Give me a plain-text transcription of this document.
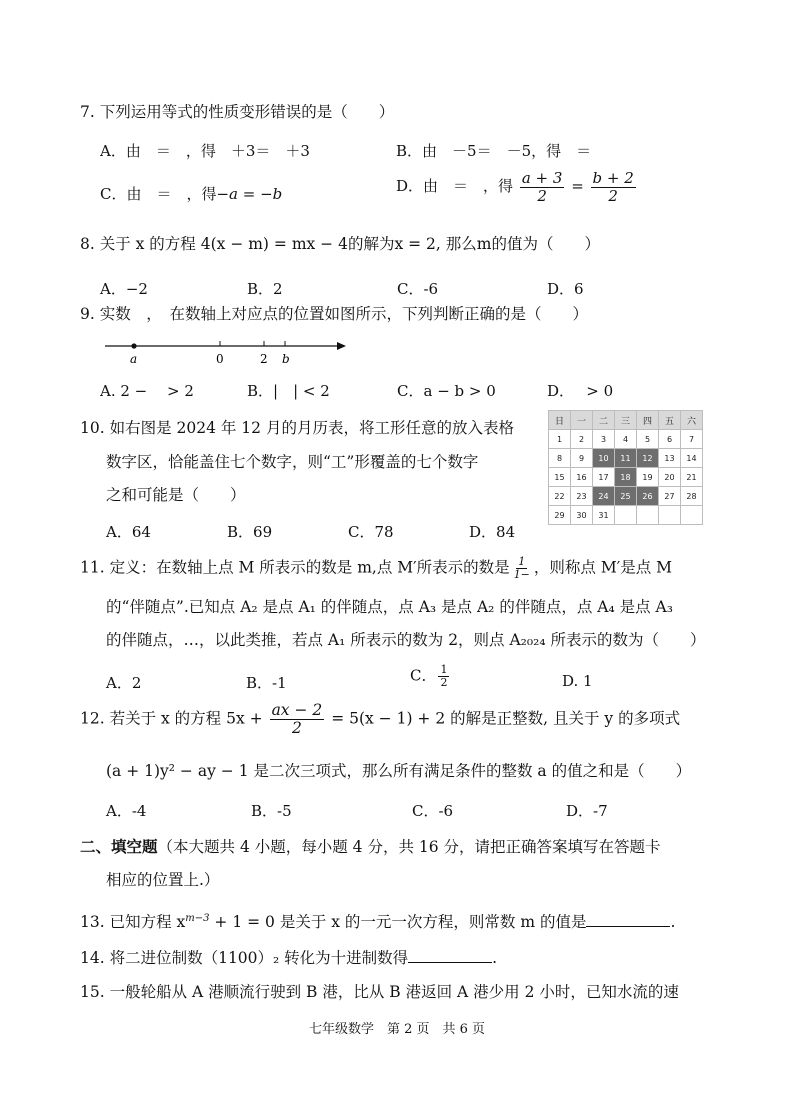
7. 下列运用等式的性质变形错误的是（　　）
A．由　＝　，得　＋3＝　＋3	B．由　－5＝　－5，得　＝
C．由　＝　，得−a = −b	D．由　＝　，得 $\frac{a + 3}{2} = \frac{b + 2}{2}$
8. 关于 x 的方程 4(x − m) = mx − 4的解为x = 2, 那么m的值为（　　）
A．−2	B．2	C．-6	D．6
9. 实数　，　在数轴上对应点的位置如图所示，下列判断正确的是（　　）
a	0	2 b
A. 2 −　 > 2	B．|　| < 2	C．a − b > 0	D．　 > 0
10. 如右图是 2024 年 12 月的月历表，将工形任意的放入表格
数字区，恰能盖住七个数字，则“工”形覆盖的七个数字
之和可能是（　　）
A．64	B．69	C．78	D．84
日	一	二	三	四	五	六
1	2	3	4	5	6	7
8	9	10	11	12	13	14
15	16	17	18	19	20	21
22	23	24	25	26	27	28
29	30	31				
11. 定义：在数轴上点 M 所表示的数是 m,点 M′所表示的数是 $\frac{1}{1-}$ ，则称点 M′是点 M
的“伴随点”.已知点 A₂ 是点 A₁ 的伴随点，点 A₃ 是点 A₂ 的伴随点，点 A₄ 是点 A₃
的伴随点，…，以此类推，若点 A₁ 所表示的数为 2，则点 A₂₀₂₄ 所表示的数为（　　）
A．2	B．-1	C． $\frac{1}{2}$	D. 1
12. 若关于 x 的方程 $5x + \frac{ax - 2}{2} = 5(x - 1) + 2$ 的解是正整数, 且关于 y 的多项式
(a + 1)y² − ay − 1 是二次三项式，那么所有满足条件的整数 a 的值之和是（　　）
A．-4	B．-5	C．-6	D．-7
二、填空题（本大题共 4 小题，每小题 4 分，共 16 分，请把正确答案填写在答题卡
相应的位置上.）
13. 已知方程 $x^{m-3} + 1 = 0$ 是关于 x 的一元一次方程，则常数 m 的值是	.
14. 将二进位制数（1100）₂ 转化为十进制数得	.
15. 一般轮船从 A 港顺流行驶到 B 港，比从 B 港返回 A 港少用 2 小时，已知水流的速
七年级数学　第 2 页　共 6 页
